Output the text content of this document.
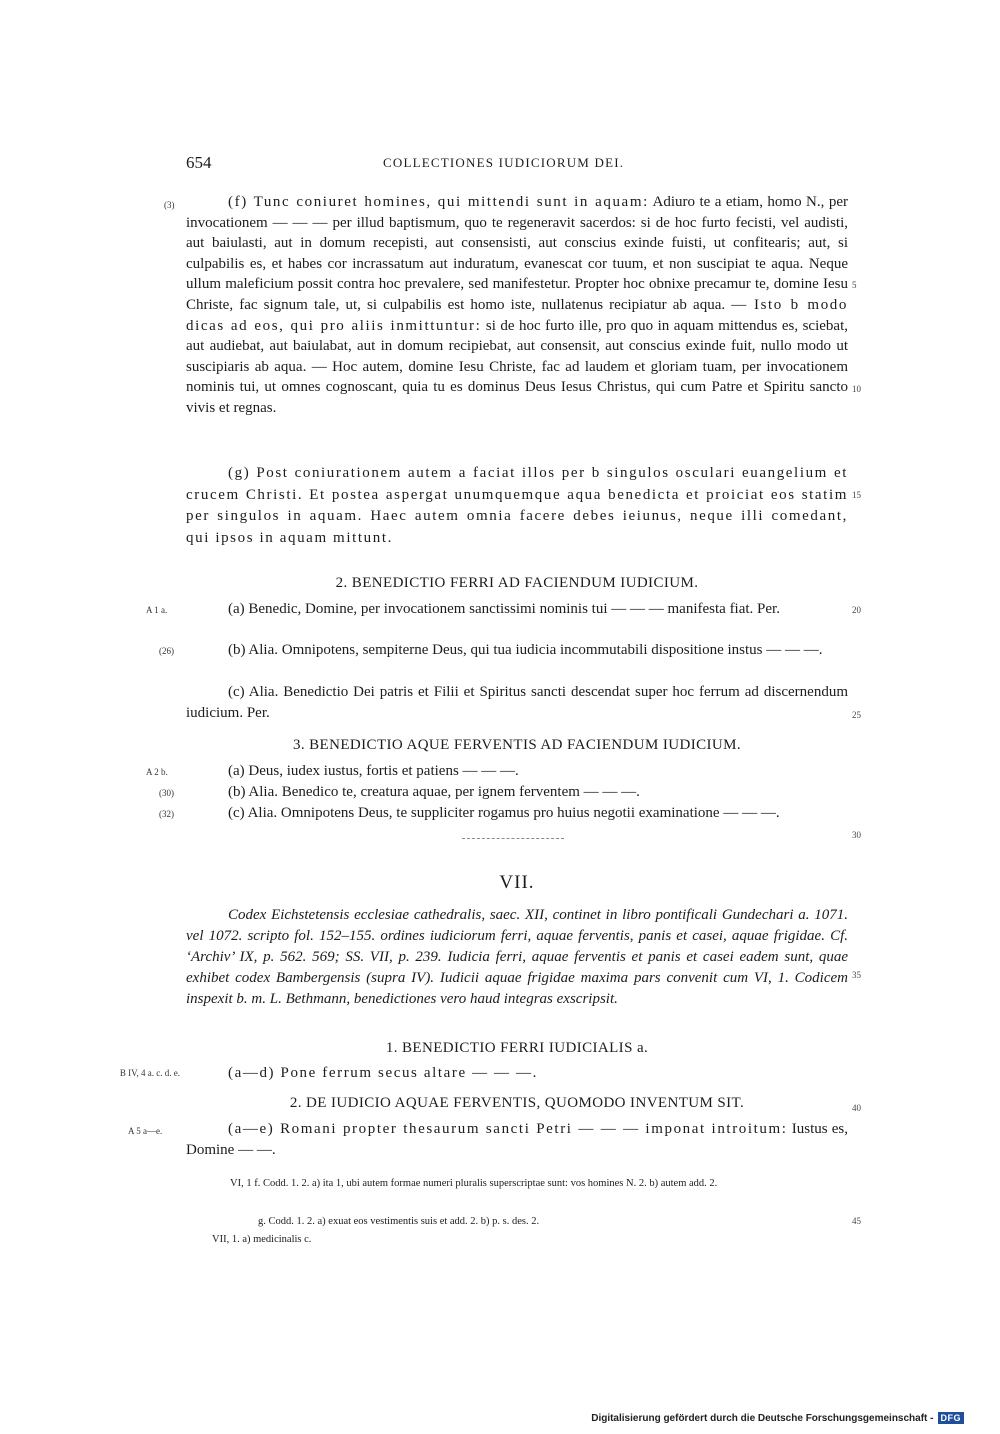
654	COLLECTIONES IUDICIORUM DEI.
(3)	(f) Tunc coniuret homines, qui mittendi sunt in aquam: Adiuro te a etiam, homo N., per invocationem — — — per illud baptismum, quo te regeneravit sacerdos: si de hoc furto fecisti, vel audisti, aut baiulasti, aut in domum recepisti, aut consensisti, aut conscius exinde fuisti, ut confitearis; aut, si culpabilis es, et habes cor incrassatum aut induratum, evanescat cor tuum, et non suscipiat te aqua. Neque ullum maleficium possit contra hoc prevalere, sed manifestetur. Propter hoc obnixe precamur te, domine Iesu Christe, fac signum tale, ut, si culpabilis est homo iste, nullatenus recipiatur ab aqua. — Isto b modo dicas ad eos, qui pro aliis inmittuntur: si de hoc furto ille, pro quo in aquam mittendus es, sciebat, aut audiebat, aut baiulabat, aut in domum recipiebat, aut consensit, aut conscius exinde fuit, nullo modo ut suscipiaris ab aqua. — Hoc autem, domine Iesu Christe, fac ad laudem et gloriam tuam, per invocationem nominis tui, ut omnes cognoscant, quia tu es dominus Deus Iesus Christus, qui cum Patre et Spiritu sancto vivis et regnas.
(g) Post coniurationem autem a faciat illos per b singulos osculari euangelium et crucem Christi. Et postea aspergat unumquemque aqua benedicta et proiciat eos statim per singulos in aquam. Haec autem omnia facere debes ieiunus, neque illi comedant, qui ipsos in aquam mittunt.
2. BENEDICTIO FERRI AD FACIENDUM IUDICIUM.
A 1 a.	(a) Benedic, Domine, per invocationem sanctissimi nominis tui — — — manifesta fiat. Per.
(26)	(b) Alia. Omnipotens, sempiterne Deus, qui tua iudicia incommutabili dispositione instus — — —.
(c) Alia. Benedictio Dei patris et Filii et Spiritus sancti descendat super hoc ferrum ad discernendum iudicium. Per.
3. BENEDICTIO AQUE FERVENTIS AD FACIENDUM IUDICIUM.
A 2 b.	(a) Deus, iudex iustus, fortis et patiens — — —.
(30)	(b) Alia. Benedico te, creatura aquae, per ignem ferventem — — —.
(32)	(c) Alia. Omnipotens Deus, te suppliciter rogamus pro huius negotii examinatione — — —.
VII.
Codex Eichstetensis ecclesiae cathedralis, saec. XII, continet in libro pontificali Gundechari a. 1071. vel 1072. scripto fol. 152–155. ordines iudiciorum ferri, aquae ferventis, panis et casei, aquae frigidae. Cf. ‘Archiv’ IX, p. 562. 569; SS. VII, p. 239. Iudicia ferri, aquae ferventis et panis et casei eadem sunt, quae exhibet codex Bambergensis (supra IV). Iudicii aquae frigidae maxima pars convenit cum VI, 1. Codicem inspexit b. m. L. Bethmann, benedictiones vero haud integras exscripsit.
1. BENEDICTIO FERRI IUDICIALIS a.
B IV, 4 a. c. d. e.	(a—d) Pone ferrum secus altare — — —.
2. DE IUDICIO AQUAE FERVENTIS, QUOMODO INVENTUM SIT.
A 5 a—e.	(a—e) Romani propter thesaurum sancti Petri — — — imponat introitum: Iustus es, Domine — —.
VI, 1 f. Codd. 1. 2. a) ita 1, ubi autem formae numeri pluralis superscriptae sunt: vos homines N. 2. b) autem add. 2.
g. Codd. 1. 2. a) exuat eos vestimentis suis et add. 2. b) p. s. des. 2.
VII, 1. a) medicinalis c.
5
10
15
20
25
30
35
40
45
Digitalisierung gefördert durch die Deutsche Forschungsgemeinschaft - DFG
